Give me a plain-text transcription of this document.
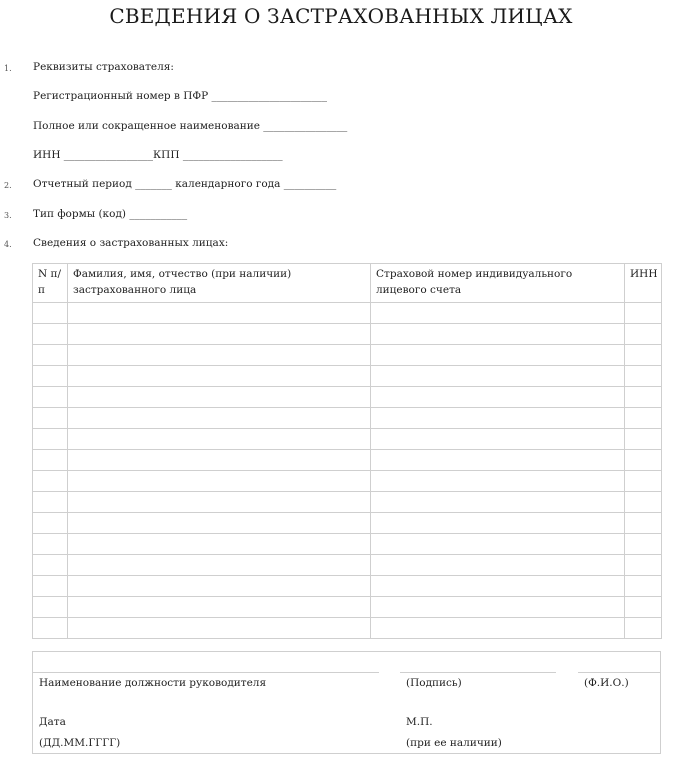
СВЕДЕНИЯ О ЗАСТРАХОВАННЫХ ЛИЦАХ
1. Реквизиты страхователя:
Регистрационный номер в ПФР ______________________
Полное или сокращенное наименование ________________
ИНН _________________КПП ___________________
2. Отчетный период _______ календарного года __________
3. Тип формы (код) ___________
4. Сведения о застрахованных лицах:
N п/п	Фамилия, имя, отчество (при наличии) застрахованного лица	Страховой номер индивидуального лицевого счета	ИНН

Наименование должности руководителя	(Подпись)	(Ф.И.О.)
Дата
(ДД.ММ.ГГГГ)
М.П.
(при ее наличии)
